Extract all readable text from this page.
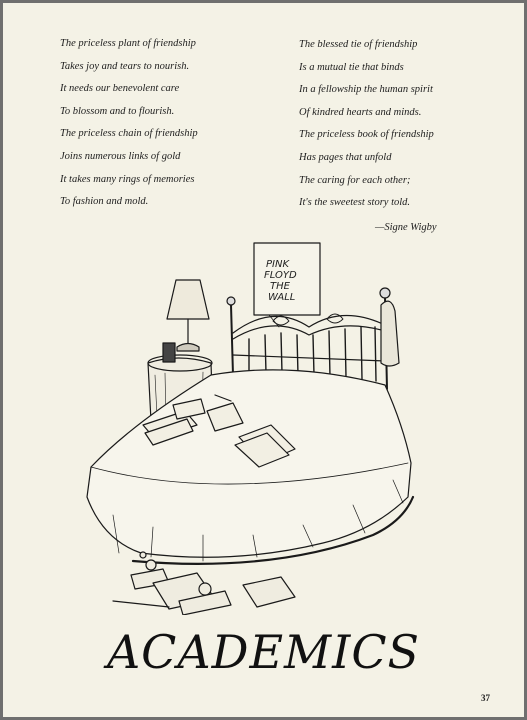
The priceless plant of friendship
Takes joy and tears to nourish.
It needs our benevolent care
To blossom and to flourish.
The priceless chain of friendship
Joins numerous links of gold
It takes many rings of memories
To fashion and mold.
The blessed tie of friendship
Is a mutual tie that binds
In a fellowship the human spirit
Of kindred hearts and minds.
The priceless book of friendship
Has pages that unfold
The caring for each other;
It's the sweetest story told.
—Signe Wigby
PINK FLOYD THE WALL
ACADEMICS
37
